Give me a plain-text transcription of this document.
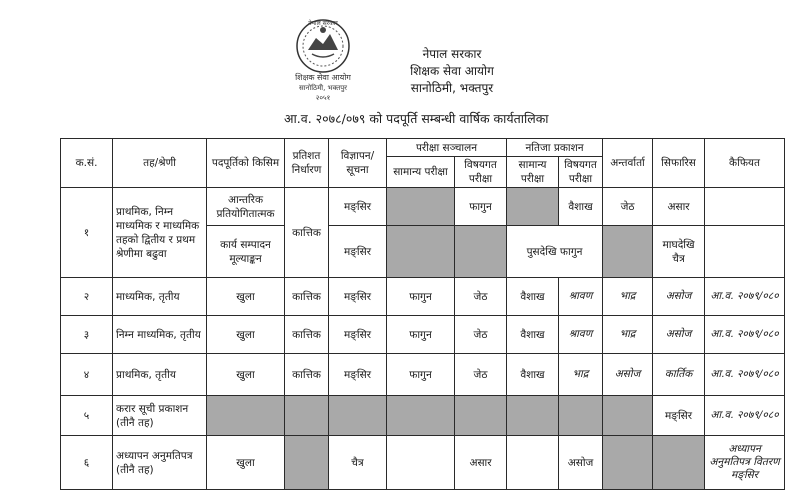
शिक्षक सेवा आयोग
सानोठिमी, भक्तपुर
२०५१
नेपाल सरकार
नेपाल सरकार
शिक्षक सेवा आयोग
सानोठिमी, भक्तपुर
आ.व. २०७८/०७९ को पदपूर्ति सम्बन्धी वार्षिक कार्यतालिका
क.सं.	तह/श्रेणी	पदपूर्तिको किसिम	प्रतिशत निर्धारण	विज्ञापन/ सूचना	परीक्षा सञ्चालन		नतिजा प्रकाशन		अन्तर्वार्ता	सिफारिस	कैफियत
					सामान्य परीक्षा	विषयगत परीक्षा	सामान्य परीक्षा	विषयगत परीक्षा			
१	प्राथमिक, निम्न माध्यमिक र माध्यमिक तहको द्वितीय र प्रथम श्रेणीमा बढुवा	आन्तरिक प्रतियोगितात्मक	कात्तिक	मङ्सिर		फागुन		वैशाख	जेठ	असार	
		कार्य सम्पादन मूल्याङ्कन		मङ्सिर			पुसदेखि फागुन			माघदेखि चैत्र	
२	माध्यमिक, तृतीय	खुला	कात्तिक	मङ्सिर	फागुन	जेठ	वैशाख	श्रावण	भाद्र	असोज	आ.व. २०७९/०८०
३	निम्न माध्यमिक, तृतीय	खुला	कात्तिक	मङ्सिर	फागुन	जेठ	वैशाख	श्रावण	भाद्र	असोज	आ.व. २०७९/०८०
४	प्राथमिक, तृतीय	खुला	कात्तिक	मङ्सिर	फागुन	जेठ	वैशाख	भाद्र	असोज	कार्तिक	आ.व. २०७९/०८०
५	करार सूची प्रकाशन (तीनै तह)									मङ्सिर	आ.व. २०७९/०८०
६	अध्यापन अनुमतिपत्र (तीनै तह)	खुला		चैत्र		असार		असोज			अध्यापन अनुमतिपत्र वितरण मङ्सिर
